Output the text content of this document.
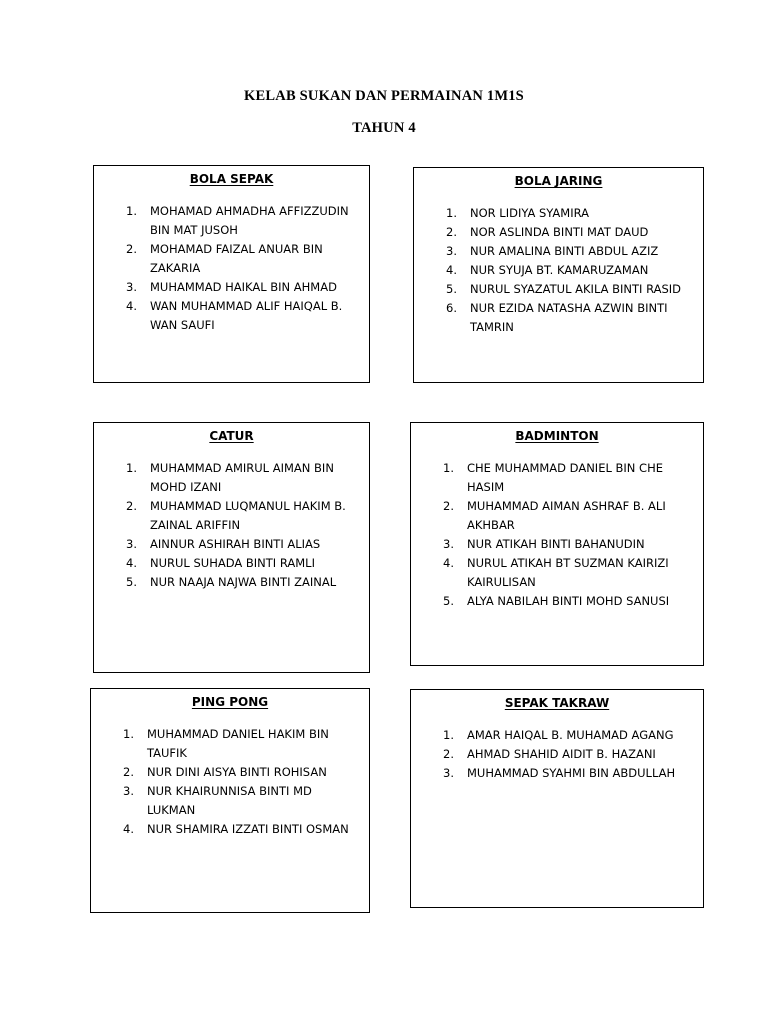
KELAB SUKAN DAN PERMAINAN 1M1S
TAHUN 4
BOLA SEPAK
1. MOHAMAD AHMADHA AFFIZZUDIN BIN MAT JUSOH
2. MOHAMAD FAIZAL ANUAR BIN ZAKARIA
3. MUHAMMAD HAIKAL BIN AHMAD
4. WAN MUHAMMAD ALIF HAIQAL B. WAN SAUFI
BOLA JARING
1. NOR LIDIYA SYAMIRA
2. NOR ASLINDA BINTI MAT DAUD
3. NUR AMALINA BINTI ABDUL AZIZ
4. NUR SYUJA BT. KAMARUZAMAN
5. NURUL SYAZATUL AKILA BINTI RASID
6. NUR EZIDA NATASHA AZWIN BINTI TAMRIN
CATUR
1. MUHAMMAD AMIRUL AIMAN BIN MOHD IZANI
2. MUHAMMAD LUQMANUL HAKIM B. ZAINAL ARIFFIN
3. AINNUR ASHIRAH BINTI ALIAS
4. NURUL SUHADA BINTI RAMLI
5. NUR NAAJA NAJWA BINTI ZAINAL
BADMINTON
1. CHE MUHAMMAD DANIEL BIN CHE HASIM
2. MUHAMMAD AIMAN ASHRAF B. ALI AKHBAR
3. NUR ATIKAH BINTI BAHANUDIN
4. NURUL ATIKAH BT SUZMAN KAIRIZI KAIRULISAN
5. ALYA NABILAH BINTI MOHD SANUSI
PING PONG
1. MUHAMMAD DANIEL HAKIM BIN TAUFIK
2. NUR DINI AISYA BINTI ROHISAN
3. NUR KHAIRUNNISA BINTI MD LUKMAN
4. NUR SHAMIRA IZZATI BINTI OSMAN
SEPAK TAKRAW
1. AMAR HAIQAL B. MUHAMAD AGANG
2. AHMAD SHAHID AIDIT B. HAZANI
3. MUHAMMAD SYAHMI BIN ABDULLAH
